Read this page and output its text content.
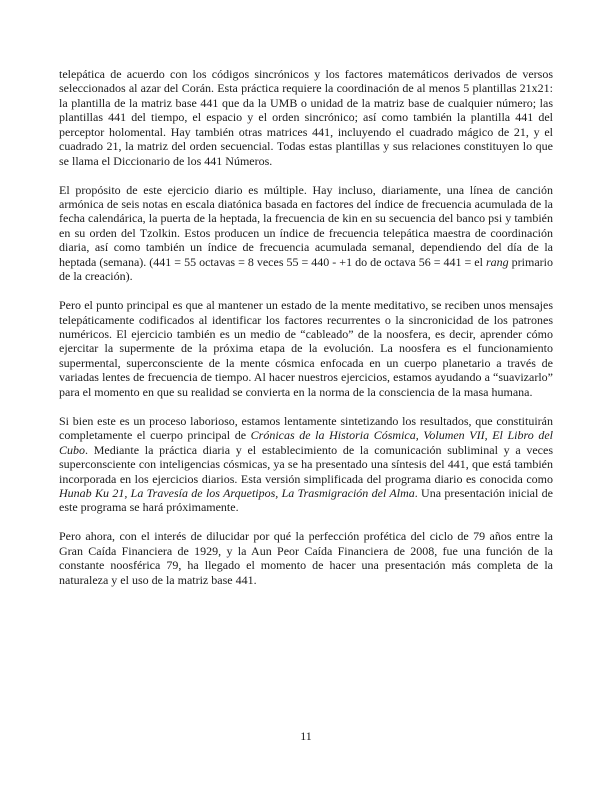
telepática de acuerdo con los códigos sincrónicos y los factores matemáticos derivados de versos seleccionados al azar del Corán. Esta práctica requiere la coordinación de al menos 5 plantillas 21x21: la plantilla de la matriz base 441 que da la UMB o unidad de la matriz base de cualquier número; las plantillas 441 del tiempo, el espacio y el orden sincrónico; así como también la plantilla 441 del perceptor holomental. Hay también otras matrices 441, incluyendo el cuadrado mágico de 21, y el cuadrado 21, la matriz del orden secuencial. Todas estas plantillas y sus relaciones constituyen lo que se llama el Diccionario de los 441 Números.

El propósito de este ejercicio diario es múltiple. Hay incluso, diariamente, una línea de canción armónica de seis notas en escala diatónica basada en factores del índice de frecuencia acumulada de la fecha calendárica, la puerta de la heptada, la frecuencia de kin en su secuencia del banco psi y también en su orden del Tzolkin. Estos producen un índice de frecuencia telepática maestra de coordinación diaria, así como también un índice de frecuencia acumulada semanal, dependiendo del día de la heptada (semana). (441 = 55 octavas = 8 veces 55 = 440 - +1 do de octava 56 = 441 = el rang primario de la creación).

Pero el punto principal es que al mantener un estado de la mente meditativo, se reciben unos mensajes telepáticamente codificados al identificar los factores recurrentes o la sincronicidad de los patrones numéricos. El ejercicio también es un medio de “cableado” de la noosfera, es decir, aprender cómo ejercitar la supermente de la próxima etapa de la evolución. La noosfera es el funcionamiento supermental, superconsciente de la mente cósmica enfocada en un cuerpo planetario a través de variadas lentes de frecuencia de tiempo. Al hacer nuestros ejercicios, estamos ayudando a “suavizarlo” para el momento en que su realidad se convierta en la norma de la consciencia de la masa humana.

Si bien este es un proceso laborioso, estamos lentamente sintetizando los resultados, que constituirán completamente el cuerpo principal de Crónicas de la Historia Cósmica, Volumen VII, El Libro del Cubo. Mediante la práctica diaria y el establecimiento de la comunicación subliminal y a veces superconsciente con inteligencias cósmicas, ya se ha presentado una síntesis del 441, que está también incorporada en los ejercicios diarios. Esta versión simplificada del programa diario es conocida como Hunab Ku 21, La Travesía de los Arquetipos, La Trasmigración del Alma. Una presentación inicial de este programa se hará próximamente.

Pero ahora, con el interés de dilucidar por qué la perfección profética del ciclo de 79 años entre la Gran Caída Financiera de 1929, y la Aun Peor Caída Financiera de 2008, fue una función de la constante noosférica 79, ha llegado el momento de hacer una presentación más completa de la naturaleza y el uso de la matriz base 441.

11
